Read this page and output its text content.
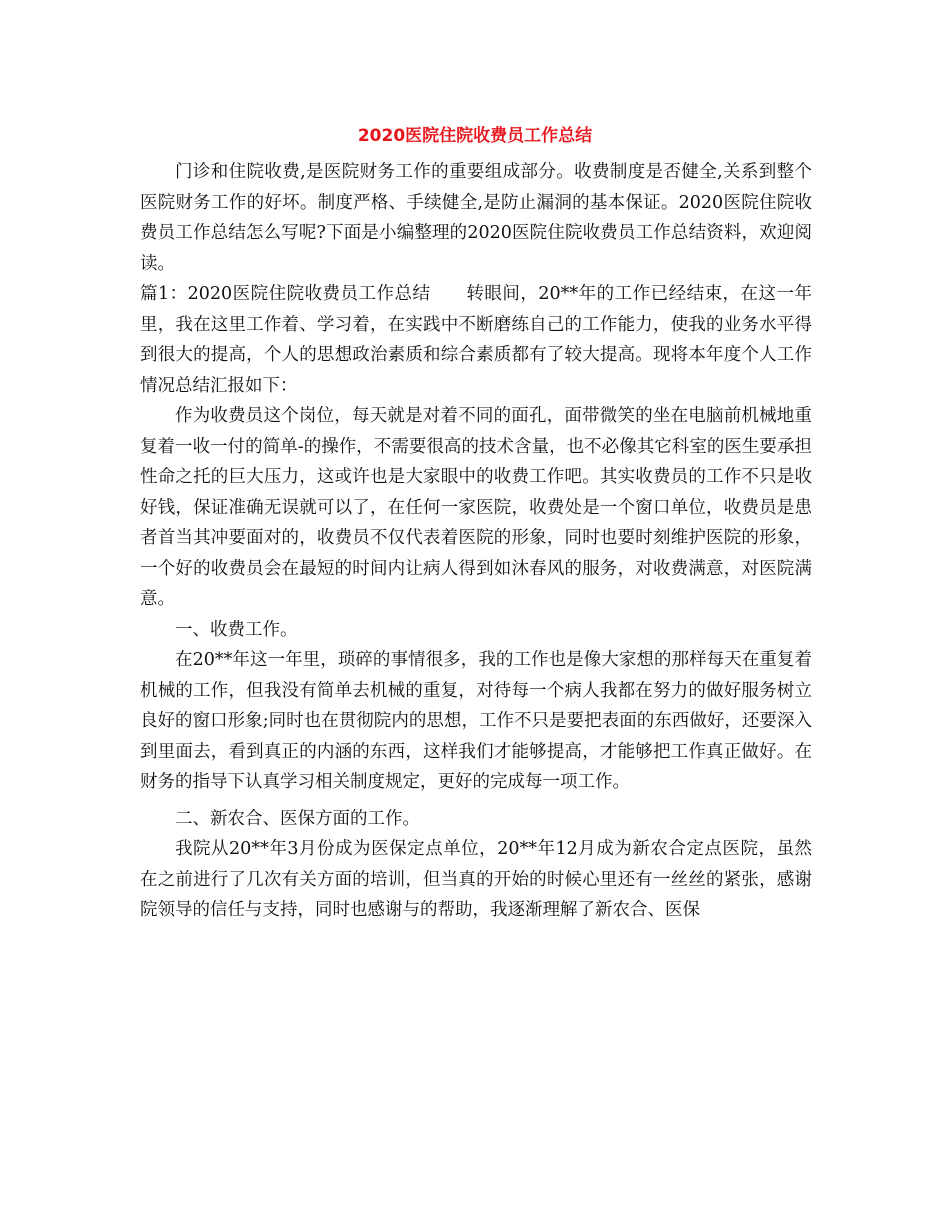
2020医院住院收费员工作总结

门诊和住院收费,是医院财务工作的重要组成部分。收费制度是否健全,关系到整个医院财务工作的好坏。制度严格、手续健全,是防止漏洞的基本保证。2020医院住院收费员工作总结怎么写呢?下面是小编整理的2020医院住院收费员工作总结资料，欢迎阅读。

篇1：2020医院住院收费员工作总结　　转眼间，20**年的工作已经结束，在这一年里，我在这里工作着、学习着，在实践中不断磨练自己的工作能力，使我的业务水平得到很大的提高，个人的思想政治素质和综合素质都有了较大提高。现将本年度个人工作情况总结汇报如下：

作为收费员这个岗位，每天就是对着不同的面孔，面带微笑的坐在电脑前机械地重复着一收一付的简单-的操作，不需要很高的技术含量，也不必像其它科室的医生要承担性命之托的巨大压力，这或许也是大家眼中的收费工作吧。其实收费员的工作不只是收好钱，保证准确无误就可以了，在任何一家医院，收费处是一个窗口单位，收费员是患者首当其冲要面对的，收费员不仅代表着医院的形象，同时也要时刻维护医院的形象，一个好的收费员会在最短的时间内让病人得到如沐春风的服务，对收费满意，对医院满意。

一、收费工作。

在20**年这一年里，琐碎的事情很多，我的工作也是像大家想的那样每天在重复着机械的工作，但我没有简单去机械的重复，对待每一个病人我都在努力的做好服务树立良好的窗口形象;同时也在贯彻院内的思想，工作不只是要把表面的东西做好，还要深入到里面去，看到真正的内涵的东西，这样我们才能够提高，才能够把工作真正做好。在财务的指导下认真学习相关制度规定，更好的完成每一项工作。

二、新农合、医保方面的工作。

我院从20**年3月份成为医保定点单位，20**年12月成为新农合定点医院，虽然在之前进行了几次有关方面的培训，但当真的开始的时候心里还有一丝丝的紧张，感谢院领导的信任与支持，同时也感谢与的帮助，我逐渐理解了新农合、医保
